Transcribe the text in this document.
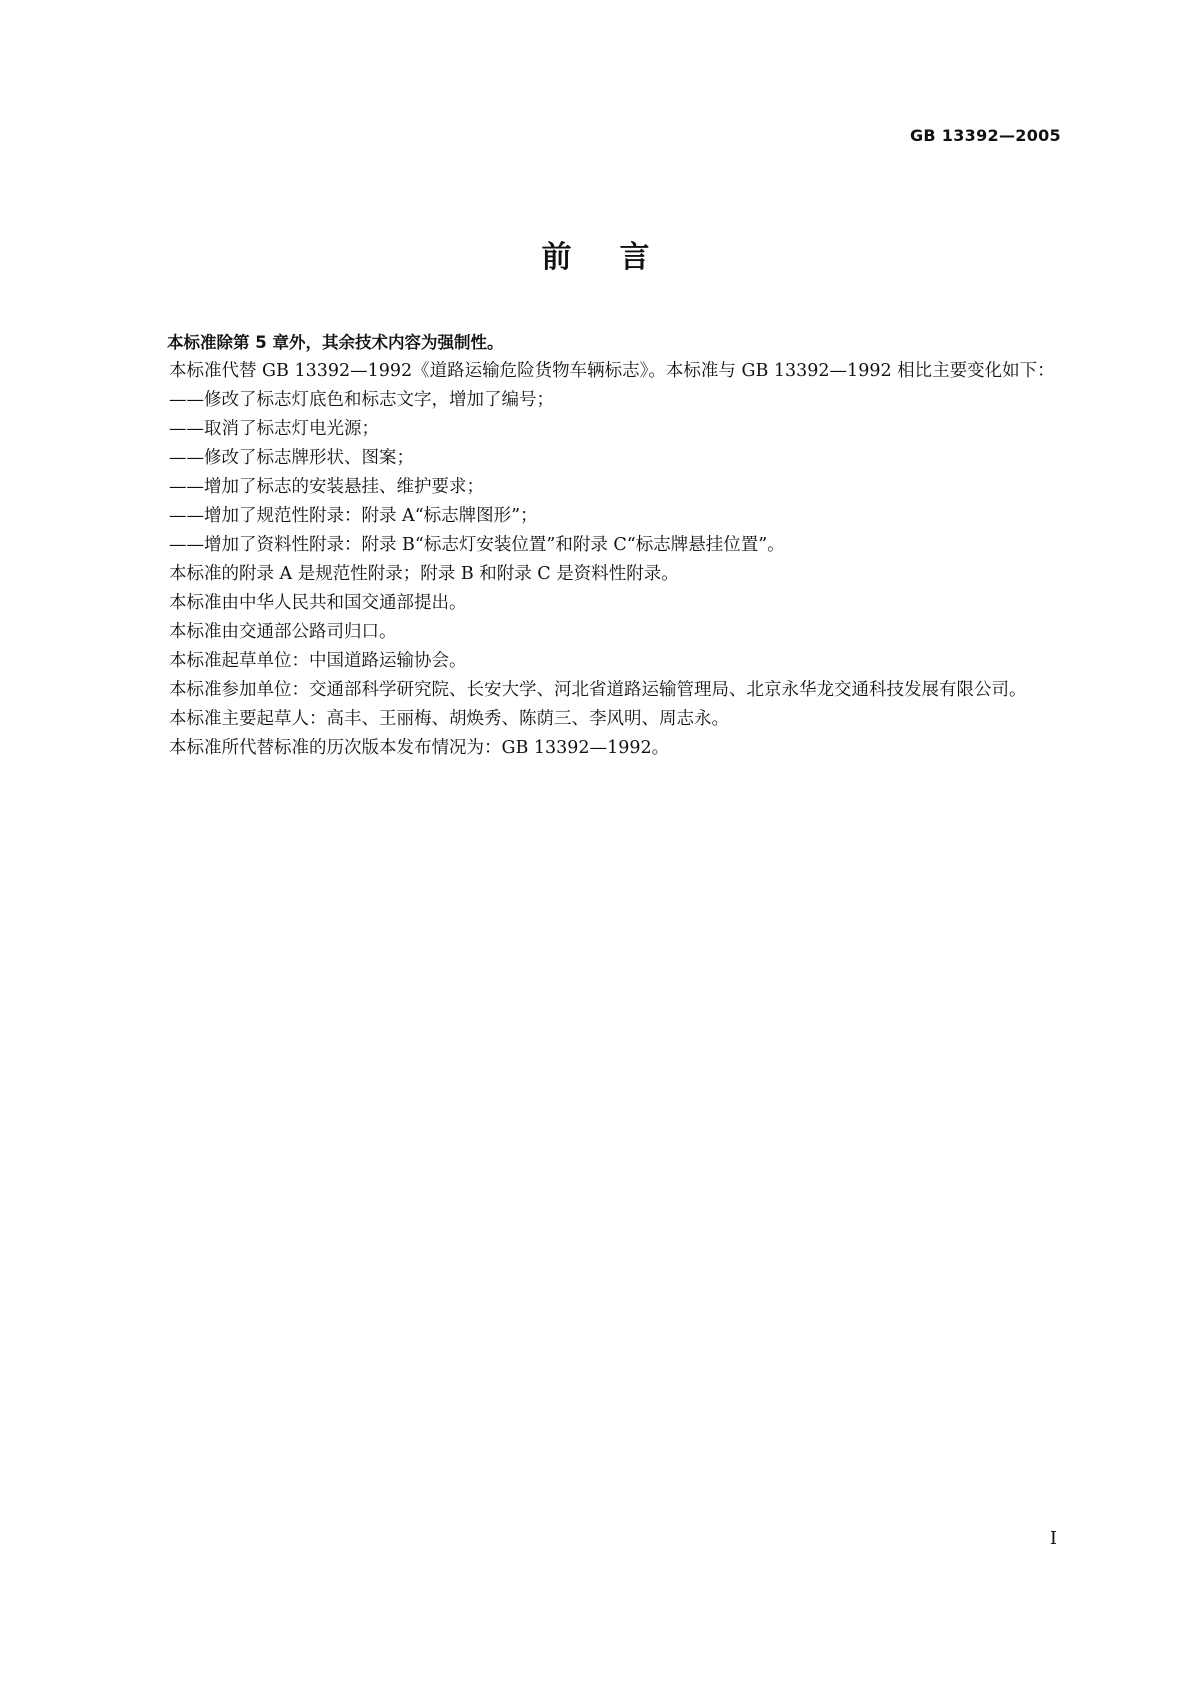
GB 13392—2005
前言

本标准除第 5 章外，其余技术内容为强制性。

本标准代替 GB 13392—1992《道路运输危险货物车辆标志》。本标准与 GB 13392—1992 相比主要变化如下：

——修改了标志灯底色和标志文字，增加了编号；

——取消了标志灯电光源；

——修改了标志牌形状、图案；

——增加了标志的安装悬挂、维护要求；

——增加了规范性附录：附录 A“标志牌图形”；

——增加了资料性附录：附录 B“标志灯安装位置”和附录 C“标志牌悬挂位置”。

本标准的附录 A 是规范性附录；附录 B 和附录 C 是资料性附录。

本标准由中华人民共和国交通部提出。

本标准由交通部公路司归口。

本标准起草单位：中国道路运输协会。

本标准参加单位：交通部科学研究院、长安大学、河北省道路运输管理局、北京永华龙交通科技发展有限公司。

本标准主要起草人：高丰、王丽梅、胡焕秀、陈荫三、李风明、周志永。

本标准所代替标准的历次版本发布情况为：GB 13392—1992。

I
